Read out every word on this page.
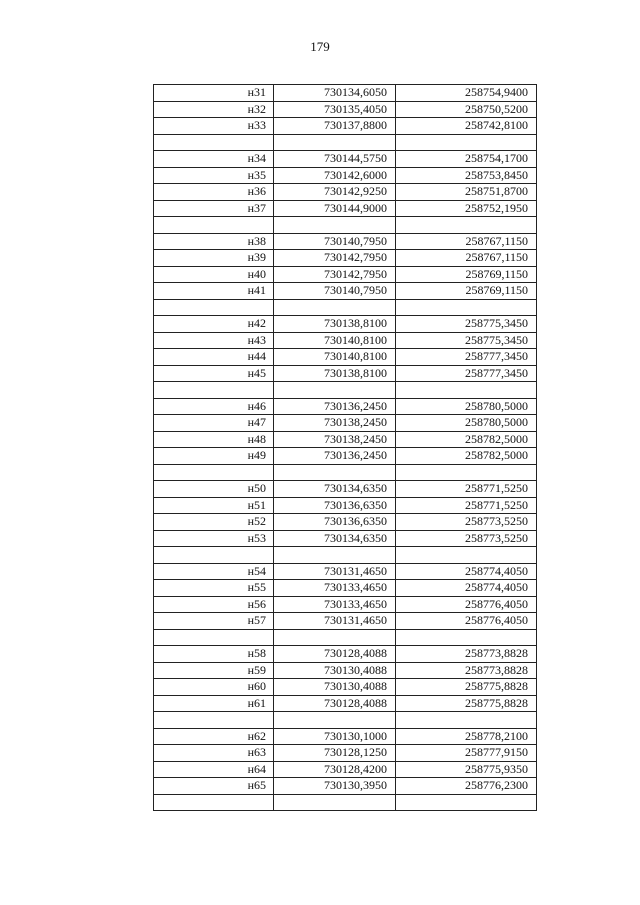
179
н31	730134,6050	258754,9400
н32	730135,4050	258750,5200
н33	730137,8800	258742,8100

н34	730144,5750	258754,1700
н35	730142,6000	258753,8450
н36	730142,9250	258751,8700
н37	730144,9000	258752,1950

н38	730140,7950	258767,1150
н39	730142,7950	258767,1150
н40	730142,7950	258769,1150
н41	730140,7950	258769,1150

н42	730138,8100	258775,3450
н43	730140,8100	258775,3450
н44	730140,8100	258777,3450
н45	730138,8100	258777,3450

н46	730136,2450	258780,5000
н47	730138,2450	258780,5000
н48	730138,2450	258782,5000
н49	730136,2450	258782,5000

н50	730134,6350	258771,5250
н51	730136,6350	258771,5250
н52	730136,6350	258773,5250
н53	730134,6350	258773,5250

н54	730131,4650	258774,4050
н55	730133,4650	258774,4050
н56	730133,4650	258776,4050
н57	730131,4650	258776,4050

н58	730128,4088	258773,8828
н59	730130,4088	258773,8828
н60	730130,4088	258775,8828
н61	730128,4088	258775,8828

н62	730130,1000	258778,2100
н63	730128,1250	258777,9150
н64	730128,4200	258775,9350
н65	730130,3950	258776,2300
